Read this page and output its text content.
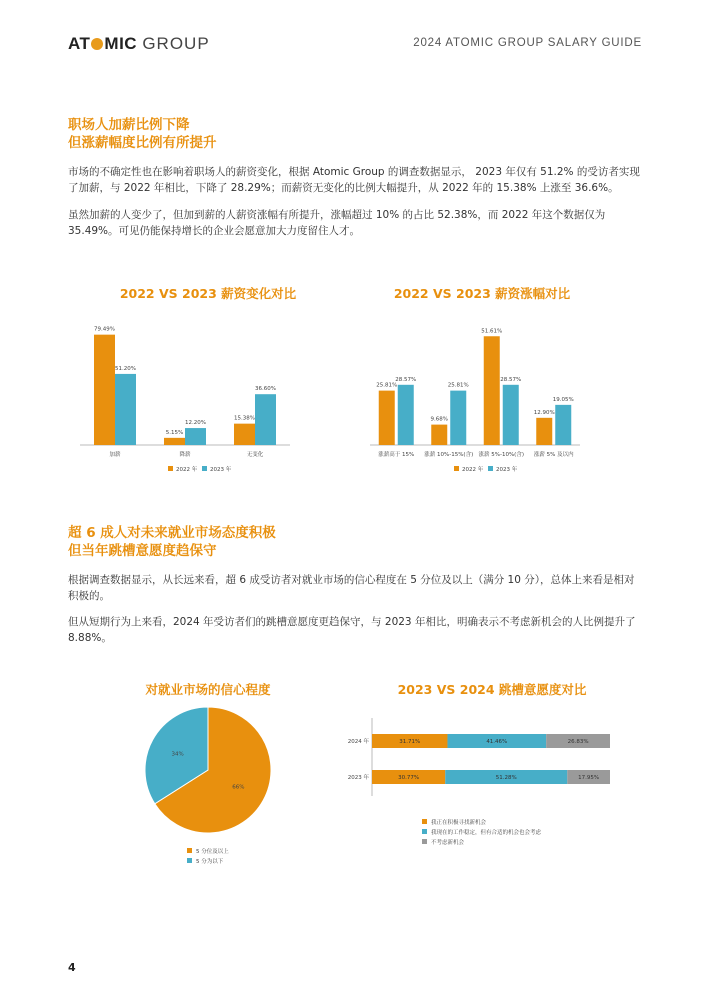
AT MIC GROUP	2024 ATOMIC GROUP SALARY GUIDE
职场人加薪比例下降
但涨薪幅度比例有所提升
市场的不确定性也在影响着职场人的薪资变化，根据 Atomic Group 的调查数据显示， 2023 年仅有 51.2% 的受访者实现了加薪，与 2022 年相比，下降了 28.29%；而薪资无变化的比例大幅提升，从 2022 年的 15.38% 上涨至 36.6%。
虽然加薪的人变少了，但加到薪的人薪资涨幅有所提升，涨幅超过 10% 的占比 52.38%，而 2022 年这个数据仅为 35.49%。可见仍能保持增长的企业会愿意加大力度留住人才。
2022 VS 2023 薪资变化对比
79.49%
51.20%
加薪
5.15%
12.20%
降薪
15.38%
36.60%
无变化
2022 年 2023 年
2022 VS 2023 薪资涨幅对比
25.81%
28.57%
涨薪高于 15%
9.68%
25.81%
涨薪 10%-15%(含)
51.61%
28.57%
涨薪 5%-10%(含)
12.90%
19.05%
涨薪 5% 及以内
2022 年 2023 年
超 6 成人对未来就业市场态度积极
但当年跳槽意愿度趋保守
根据调查数据显示，从长远来看，超 6 成受访者对就业市场的信心程度在 5 分位及以上（满分 10 分），总体上来看是相对积极的。
但从短期行为上来看，2024 年受访者们的跳槽意愿度更趋保守，与 2023 年相比，明确表示不考虑新机会的人比例提升了 8.88%。
对就业市场的信心程度
66%
34%
5 分位及以上
5 分为以下
2023 VS 2024 跳槽意愿度对比
2024 年	31.71%	41.46%	26.83%
2023 年	30.77%	51.28%	17.95%
我正在积极寻找新机会
我现在的工作稳定，但有合适的机会也会考虑
不考虑新机会
4
